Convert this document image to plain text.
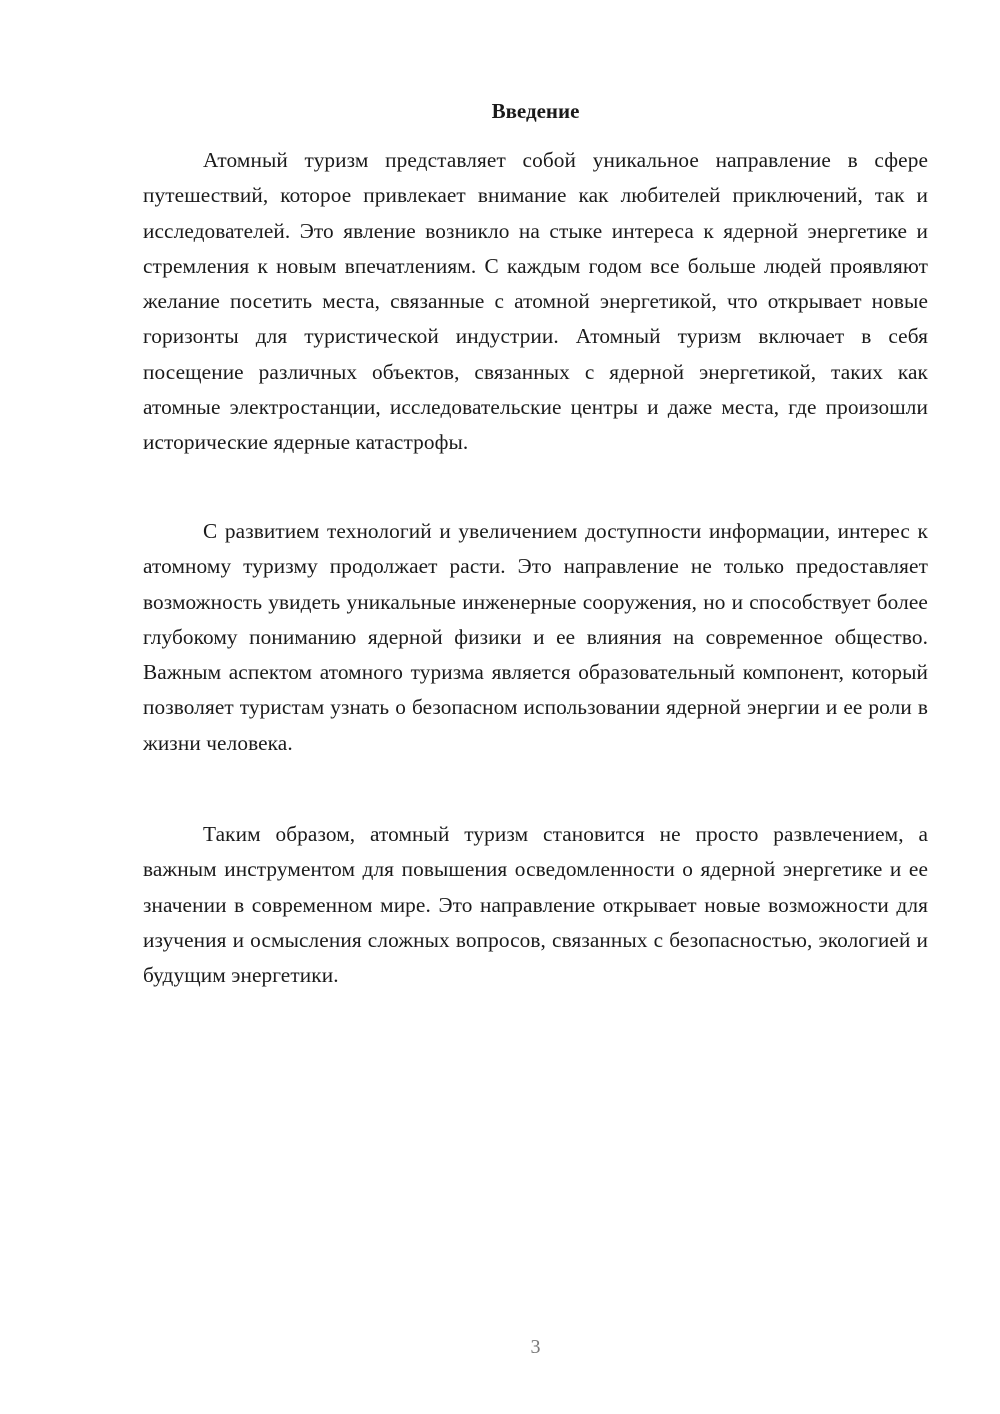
Введение

Атомный туризм представляет собой уникальное направление в сфере путешествий, которое привлекает внимание как любителей приключений, так и исследователей. Это явление возникло на стыке интереса к ядерной энергетике и стремления к новым впечатлениям. С каждым годом все больше людей проявляют желание посетить места, связанные с атомной энергетикой, что открывает новые горизонты для туристической индустрии. Атомный туризм включает в себя посещение различных объектов, связанных с ядерной энергетикой, таких как атомные электростанции, исследовательские центры и даже места, где произошли исторические ядерные катастрофы.

С развитием технологий и увеличением доступности информации, интерес к атомному туризму продолжает расти. Это направление не только предоставляет возможность увидеть уникальные инженерные сооружения, но и способствует более глубокому пониманию ядерной физики и ее влияния на современное общество. Важным аспектом атомного туризма является образовательный компонент, который позволяет туристам узнать о безопасном использовании ядерной энергии и ее роли в жизни человека.

Таким образом, атомный туризм становится не просто развлечением, а важным инструментом для повышения осведомленности о ядерной энергетике и ее значении в современном мире. Это направление открывает новые возможности для изучения и осмысления сложных вопросов, связанных с безопасностью, экологией и будущим энергетики.

3
